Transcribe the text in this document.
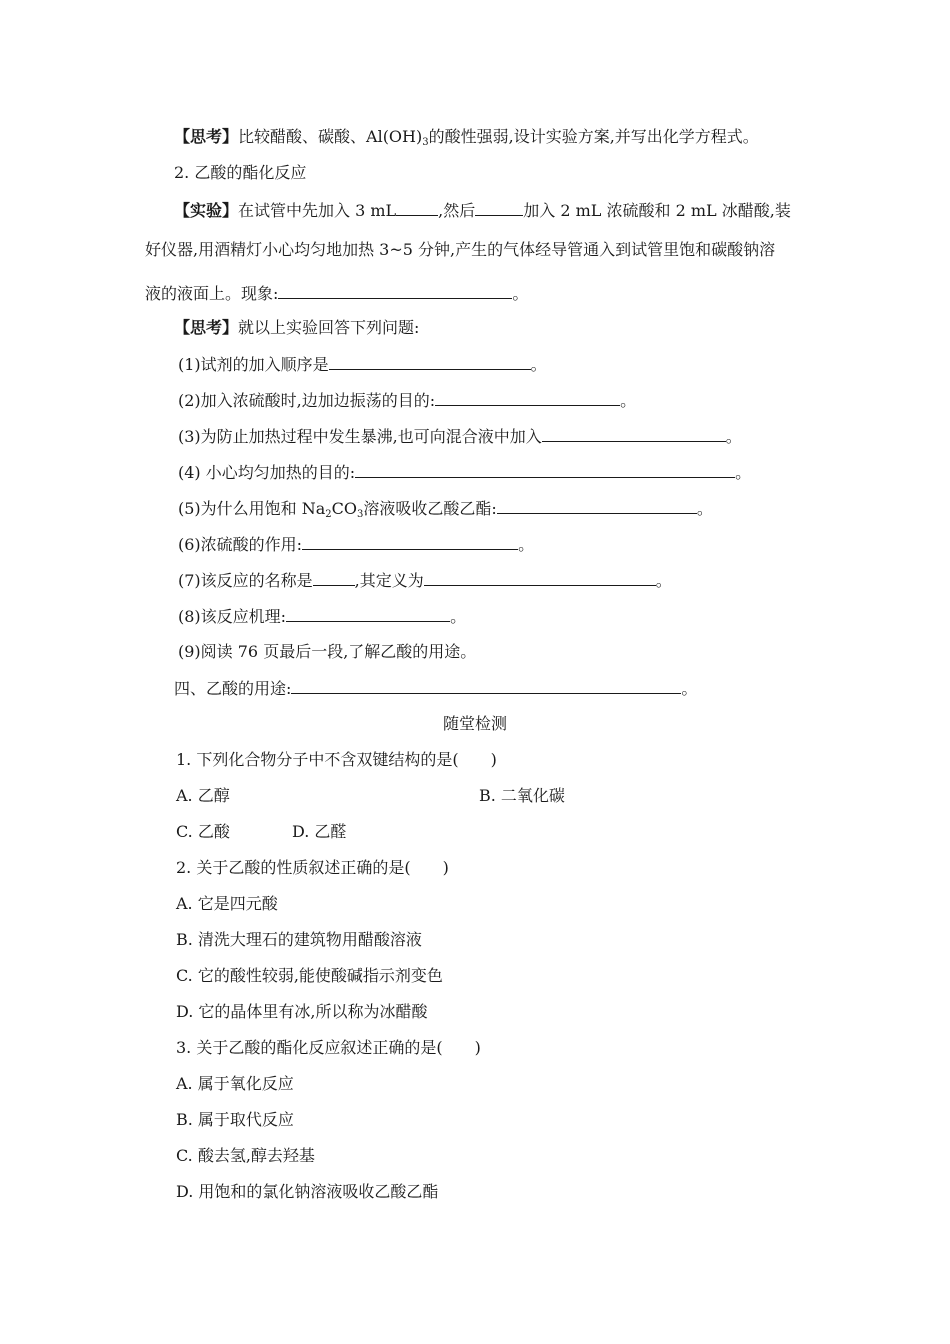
【思考】比较醋酸、碳酸、$Al(OH)_3$的酸性强弱,设计实验方案,并写出化学方程式。
2. 乙酸的酯化反应
【实验】在试管中先加入 3 mL	,然后	加入 2 mL 浓硫酸和 2 mL 冰醋酸,装
好仪器,用酒精灯小心均匀地加热 3~5 分钟,产生的气体经导管通入到试管里饱和碳酸钠溶
液的液面上。现象:	。
【思考】就以上实验回答下列问题:
(1)试剂的加入顺序是	。
(2)加入浓硫酸时,边加边振荡的目的:	。
(3)为防止加热过程中发生暴沸,也可向混合液中加入	。
(4) 小心均匀加热的目的:	。
(5)为什么用饱和 $Na_2CO_3$溶液吸收乙酸乙酯:	。
(6)浓硫酸的作用:	。
(7)该反应的名称是	,其定义为	。
(8)该反应机理:	。
(9)阅读 76 页最后一段,了解乙酸的用途。
四、乙酸的用途:	。
随堂检测
1. 下列化合物分子中不含双键结构的是(　　)
A. 乙醇	B. 二氧化碳
C. 乙酸	D. 乙醛
2. 关于乙酸的性质叙述正确的是(　　)
A. 它是四元酸
B. 清洗大理石的建筑物用醋酸溶液
C. 它的酸性较弱,能使酸碱指示剂变色
D. 它的晶体里有冰,所以称为冰醋酸
3. 关于乙酸的酯化反应叙述正确的是(　　)
A. 属于氧化反应
B. 属于取代反应
C. 酸去氢,醇去羟基
D. 用饱和的氯化钠溶液吸收乙酸乙酯
